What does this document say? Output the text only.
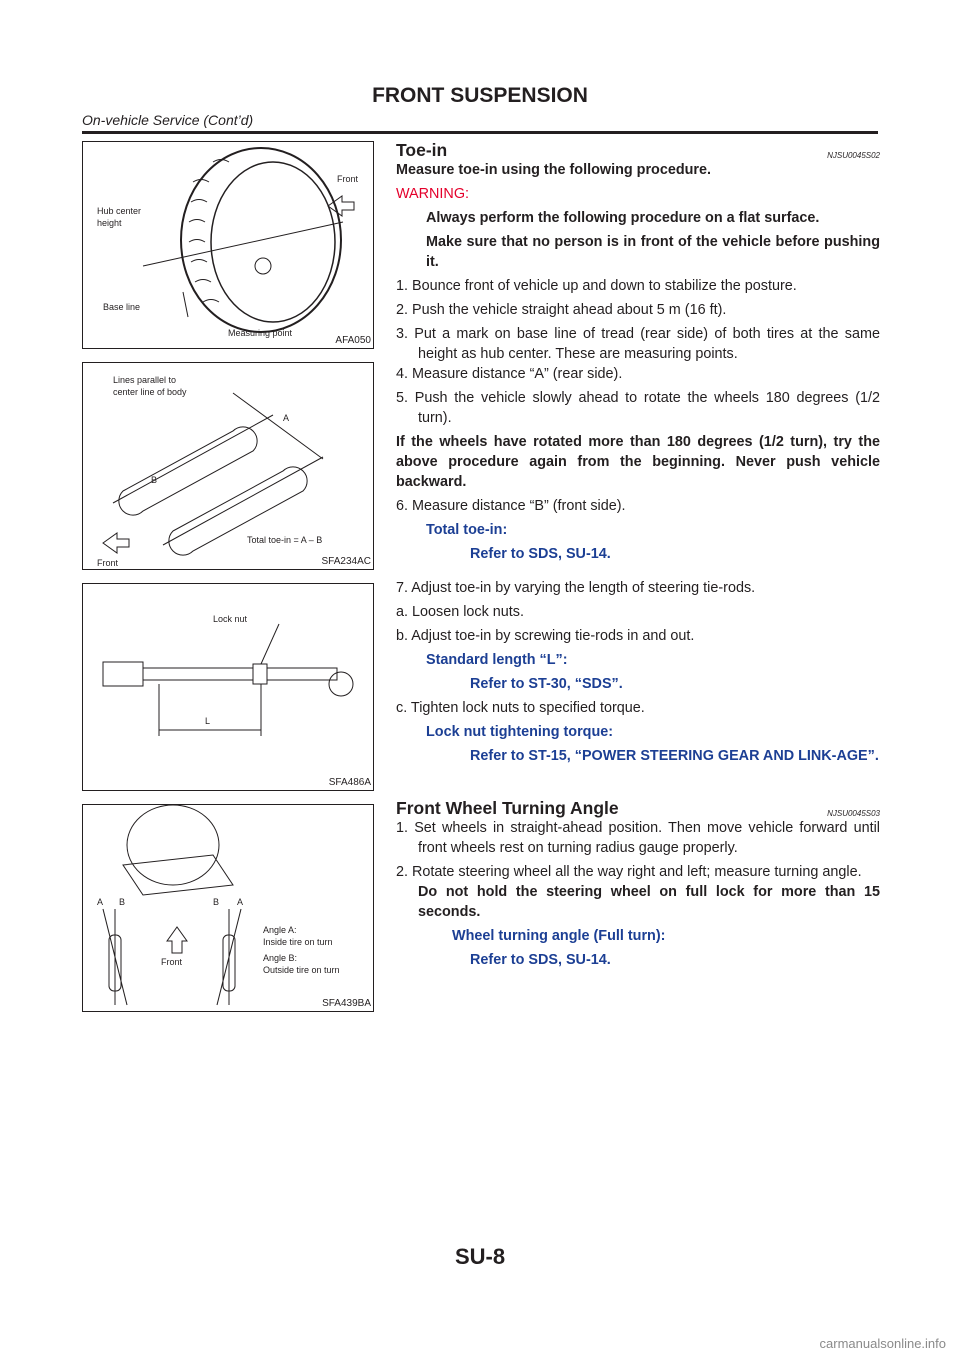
FRONT SUSPENSION
On-vehicle Service (Cont’d)
Front
Hub center
height
Base line
Measuring point
AFA050
A
B
Lines parallel to
center line of body
Total toe-in = A – B
Front	SFA234AC
Lock nut
L
SFA486A
A B	B A
Angle A:
Inside tire on turn
Angle B:
Outside tire on turn
Front
SFA439BA
Toe-in	NJSU0045S02

Measure toe-in using the following procedure.

WARNING:

Always perform the following procedure on a flat surface.

Make sure that no person is in front of the vehicle before pushing it.

1. Bounce front of vehicle up and down to stabilize the posture.

2. Push the vehicle straight ahead about 5 m (16 ft).

3. Put a mark on base line of tread (rear side) of both tires at the same height as hub center. These are measuring points.

4. Measure distance “A” (rear side).

5. Push the vehicle slowly ahead to rotate the wheels 180 degrees (1/2 turn).

If the wheels have rotated more than 180 degrees (1/2 turn), try the above procedure again from the beginning. Never push vehicle backward.

6. Measure distance “B” (front side).

Total toe-in:

Refer to SDS, SU-14.

7. Adjust toe-in by varying the length of steering tie-rods.

a. Loosen lock nuts.

b. Adjust toe-in by screwing tie-rods in and out.

Standard length “L”:

Refer to ST-30, “SDS”.

c. Tighten lock nuts to specified torque.

Lock nut tightening torque:

Refer to ST-15, “POWER STEERING GEAR AND LINK-AGE”.

Front Wheel Turning Angle	NJSU0045S03

1. Set wheels in straight-ahead position. Then move vehicle forward until front wheels rest on turning radius gauge properly.

2. Rotate steering wheel all the way right and left; measure turning angle.

Do not hold the steering wheel on full lock for more than 15 seconds.

Wheel turning angle (Full turn):

Refer to SDS, SU-14.

SU-8
carmanualsonline.info
